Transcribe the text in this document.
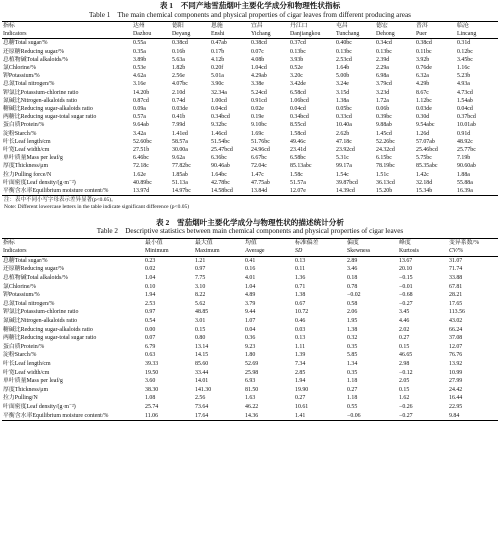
表 1　不同产地雪茄烟叶主要化学成分和物理性状指标
Table 1　The main chemical components and physical properties of cigar leaves from different producing areas
指标	达州	德阳	恩施	宜昌	丹江口	屯昌	德宏	普洱	临沧
Indicators	Dazhou	Deyang	Enshi	Yichang	Danjiangkou	Tunchang	Dehong	Puer	Lincang
总糖Total sugar/%	0.55a	0.38cd	0.47ab	0.38cd	0.37cd	0.40bc	0.34cd	0.38cd	0.31d
还原糖Reducing sugar/%	0.35a	0.16b	0.17b	0.07c	0.13bc	0.13bc	0.13bc	0.11bc	0.12bc
总植物碱Total alkaloids/%	3.89b	5.63a	4.12b	4.08b	3.93b	2.53cd	2.39d	3.92b	3.45bc
氯Chlorine/%	0.53e	1.82b	0.20f	1.04cd	0.52e	1.64b	2.29a	0.76de	1.16c
钾Potassium/%	4.62a	2.56e	5.01a	4.29ab	3.20c	5.00b	6.98a	6.32a	5.23b
总氮Total nitrogen/%	3.16e	4.07bc	3.90c	3.38e	3.42de	3.24e	3.79cd	4.29b	4.93a
钾氯比Potassium-chlorine ratio	14.20b	2.10d	32.34a	5.24cd	6.58cd	3.15d	3.23d	8.67c	4.73cd
氮碱比Nitrogen-alkaloids ratio	0.87cd	0.74d	1.00cd	0.91cd	1.06bcd	1.38a	1.72a	1.12bc	1.54ab
糖碱比Reducing sugar-alkaloids ratio	0.09a	0.03de	0.04cd	0.02e	0.04cd	0.05bc	0.06b	0.03de	0.04cd
两糖比Reducing sugar-total sugar ratio	0.57a	0.41b	0.34bcd	0.19e	0.34bcd	0.33cd	0.39bc	0.30d	0.37bcd
蛋白质Protein/%	9.64ab	7.99d	9.32bc	9.10bc	8.55cd	10.40a	9.88ab	9.54abc	10.01ab
淀粉Starch/%	3.42a	1.41ed	1.46cd	1.69c	1.58cd	2.62b	1.45cd	1.26d	0.91d
叶长Leaf length/cm	52.60bc	58.57a	51.54bc	51.76bc	49.46c	47.18c	52.26bc	57.07ab	48.92c
叶宽Leaf width/cm	27.51b	30.00a	25.47bcd	24.96cd	23.41d	23.92cd	24.32cd	25.46bcd	25.77bc
单叶质量Mass per leaf/g	6.46bc	9.62a	6.36bc	6.67bc	6.58bc	5.31c	6.15bc	5.75bc	7.19b
厚度Thickness/μm	72.18c	77.82bc	90.46ab	72.04c	85.13abc	99.17a	78.19bc	85.35abc	90.60ab
拉力Pulling force/N	1.62e	1.85ab	1.64bc	1.47c	1.58c	1.54c	1.51c	1.42c	1.88a
叶面密度Leaf density/(g·m⁻²)	40.89bc	51.13a	42.78bc	47.75ab	51.57a	39.87bcd	36.13cd	32.18d	55.88a
平衡含水率Equilibrium moisture content/%	13.97d	14.97bc	14.58bcd	13.84d	12.07e	14.39cd	15.20b	15.34b	16.39a
注：表中不同小写字母表示差异显著(p<0.05)。
Note: Different lowercase letters in the table indicate significant difference (p<0.05)
表 2　雪茄烟叶主要化学成分与物理性状的描述统计分析
Table 2　Descriptive statistics between main chemical components and physical properties of cigar leaves
指标	最小值	最大值	均值	标准偏差	偏度	峰度	变异系数/%
Indicators	Minimum	Maximum	Average	SD	Skewness	Kurtosis	CV/%
总糖Total sugar/%	0.23	1.21	0.41	0.13	2.89	13.67	31.07
还原糖Reducing sugar/%	0.02	0.97	0.16	0.11	3.46	20.10	71.74
总植物碱Total alkaloids/%	1.04	7.75	4.01	1.36	0.18	−0.15	33.88
氯Chlorine/%	0.10	3.10	1.04	0.71	0.78	−0.01	67.81
钾Potassium/%	1.94	8.22	4.89	1.38	−0.02	−0.68	28.21
总氮Total nitrogen/%	2.53	5.62	3.79	0.67	0.58	−0.27	17.65
钾氯比Potassium-chlorine ratio	0.97	48.85	9.44	10.72	2.06	3.45	113.56
氮碱比Nitrogen-alkaloids ratio	0.54	3.01	1.07	0.46	1.95	4.46	43.02
糖碱比Reducing sugar-alkaloids ratio	0.00	0.15	0.04	0.03	1.38	2.02	66.24
两糖比Reducing sugar-total sugar ratio	0.07	0.80	0.36	0.13	0.32	0.27	37.08
蛋白质Protein/%	6.79	13.14	9.23	1.11	0.35	0.15	12.07
淀粉Starch/%	0.63	14.15	1.80	1.39	5.85	46.65	76.76
叶长Leaf length/cm	39.33	85.60	52.69	7.34	1.34	2.98	13.92
叶宽Leaf width/cm	19.50	33.44	25.98	2.85	0.35	−0.12	10.99
单叶质量Mass per leaf/g	3.60	14.01	6.93	1.94	1.18	2.05	27.99
厚度Thickness/μm	38.30	141.30	81.50	19.90	0.27	0.15	24.42
拉力Pulling/N	1.08	2.56	1.63	0.27	1.18	1.62	16.44
叶面密度Leaf density/(g·m⁻²)	25.74	73.64	46.22	10.61	0.55	−0.26	22.95
平衡含水率Equilibrium moisture content/%	11.06	17.64	14.36	1.41	−0.06	−0.27	9.84
